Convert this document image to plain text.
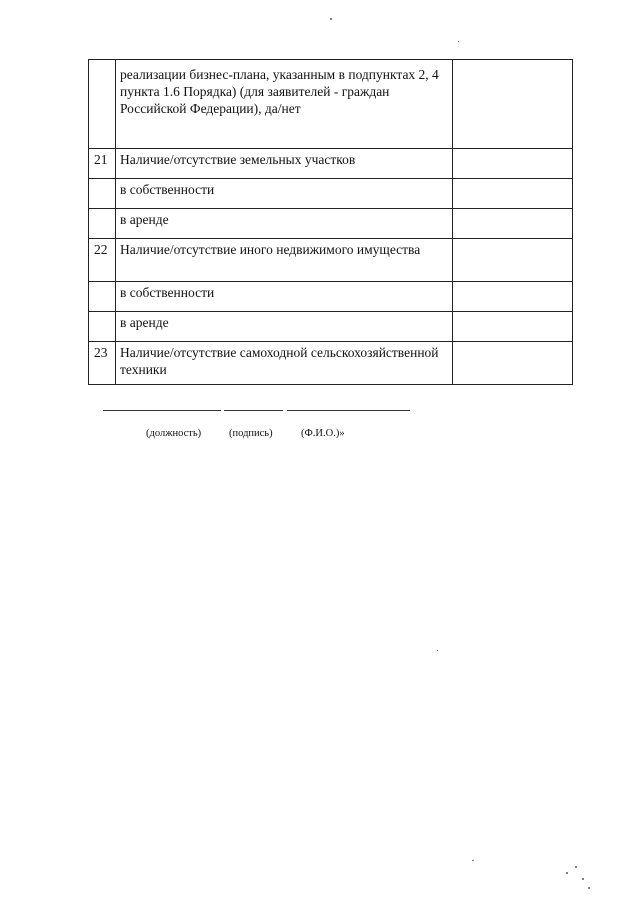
	реализации бизнес-плана, указанным в подпунктах 2, 4 пункта 1.6 Порядка) (для заявителей - граждан Российской Федерации), да/нет	
21	Наличие/отсутствие земельных участков	
	в собственности	
	в аренде	
22	Наличие/отсутствие иного недвижимого имущества	
	в собственности	
	в аренде	
23	Наличие/отсутствие самоходной сельскохозяйственной техники	
(должность)	(подпись)	(Ф.И.О.)»
